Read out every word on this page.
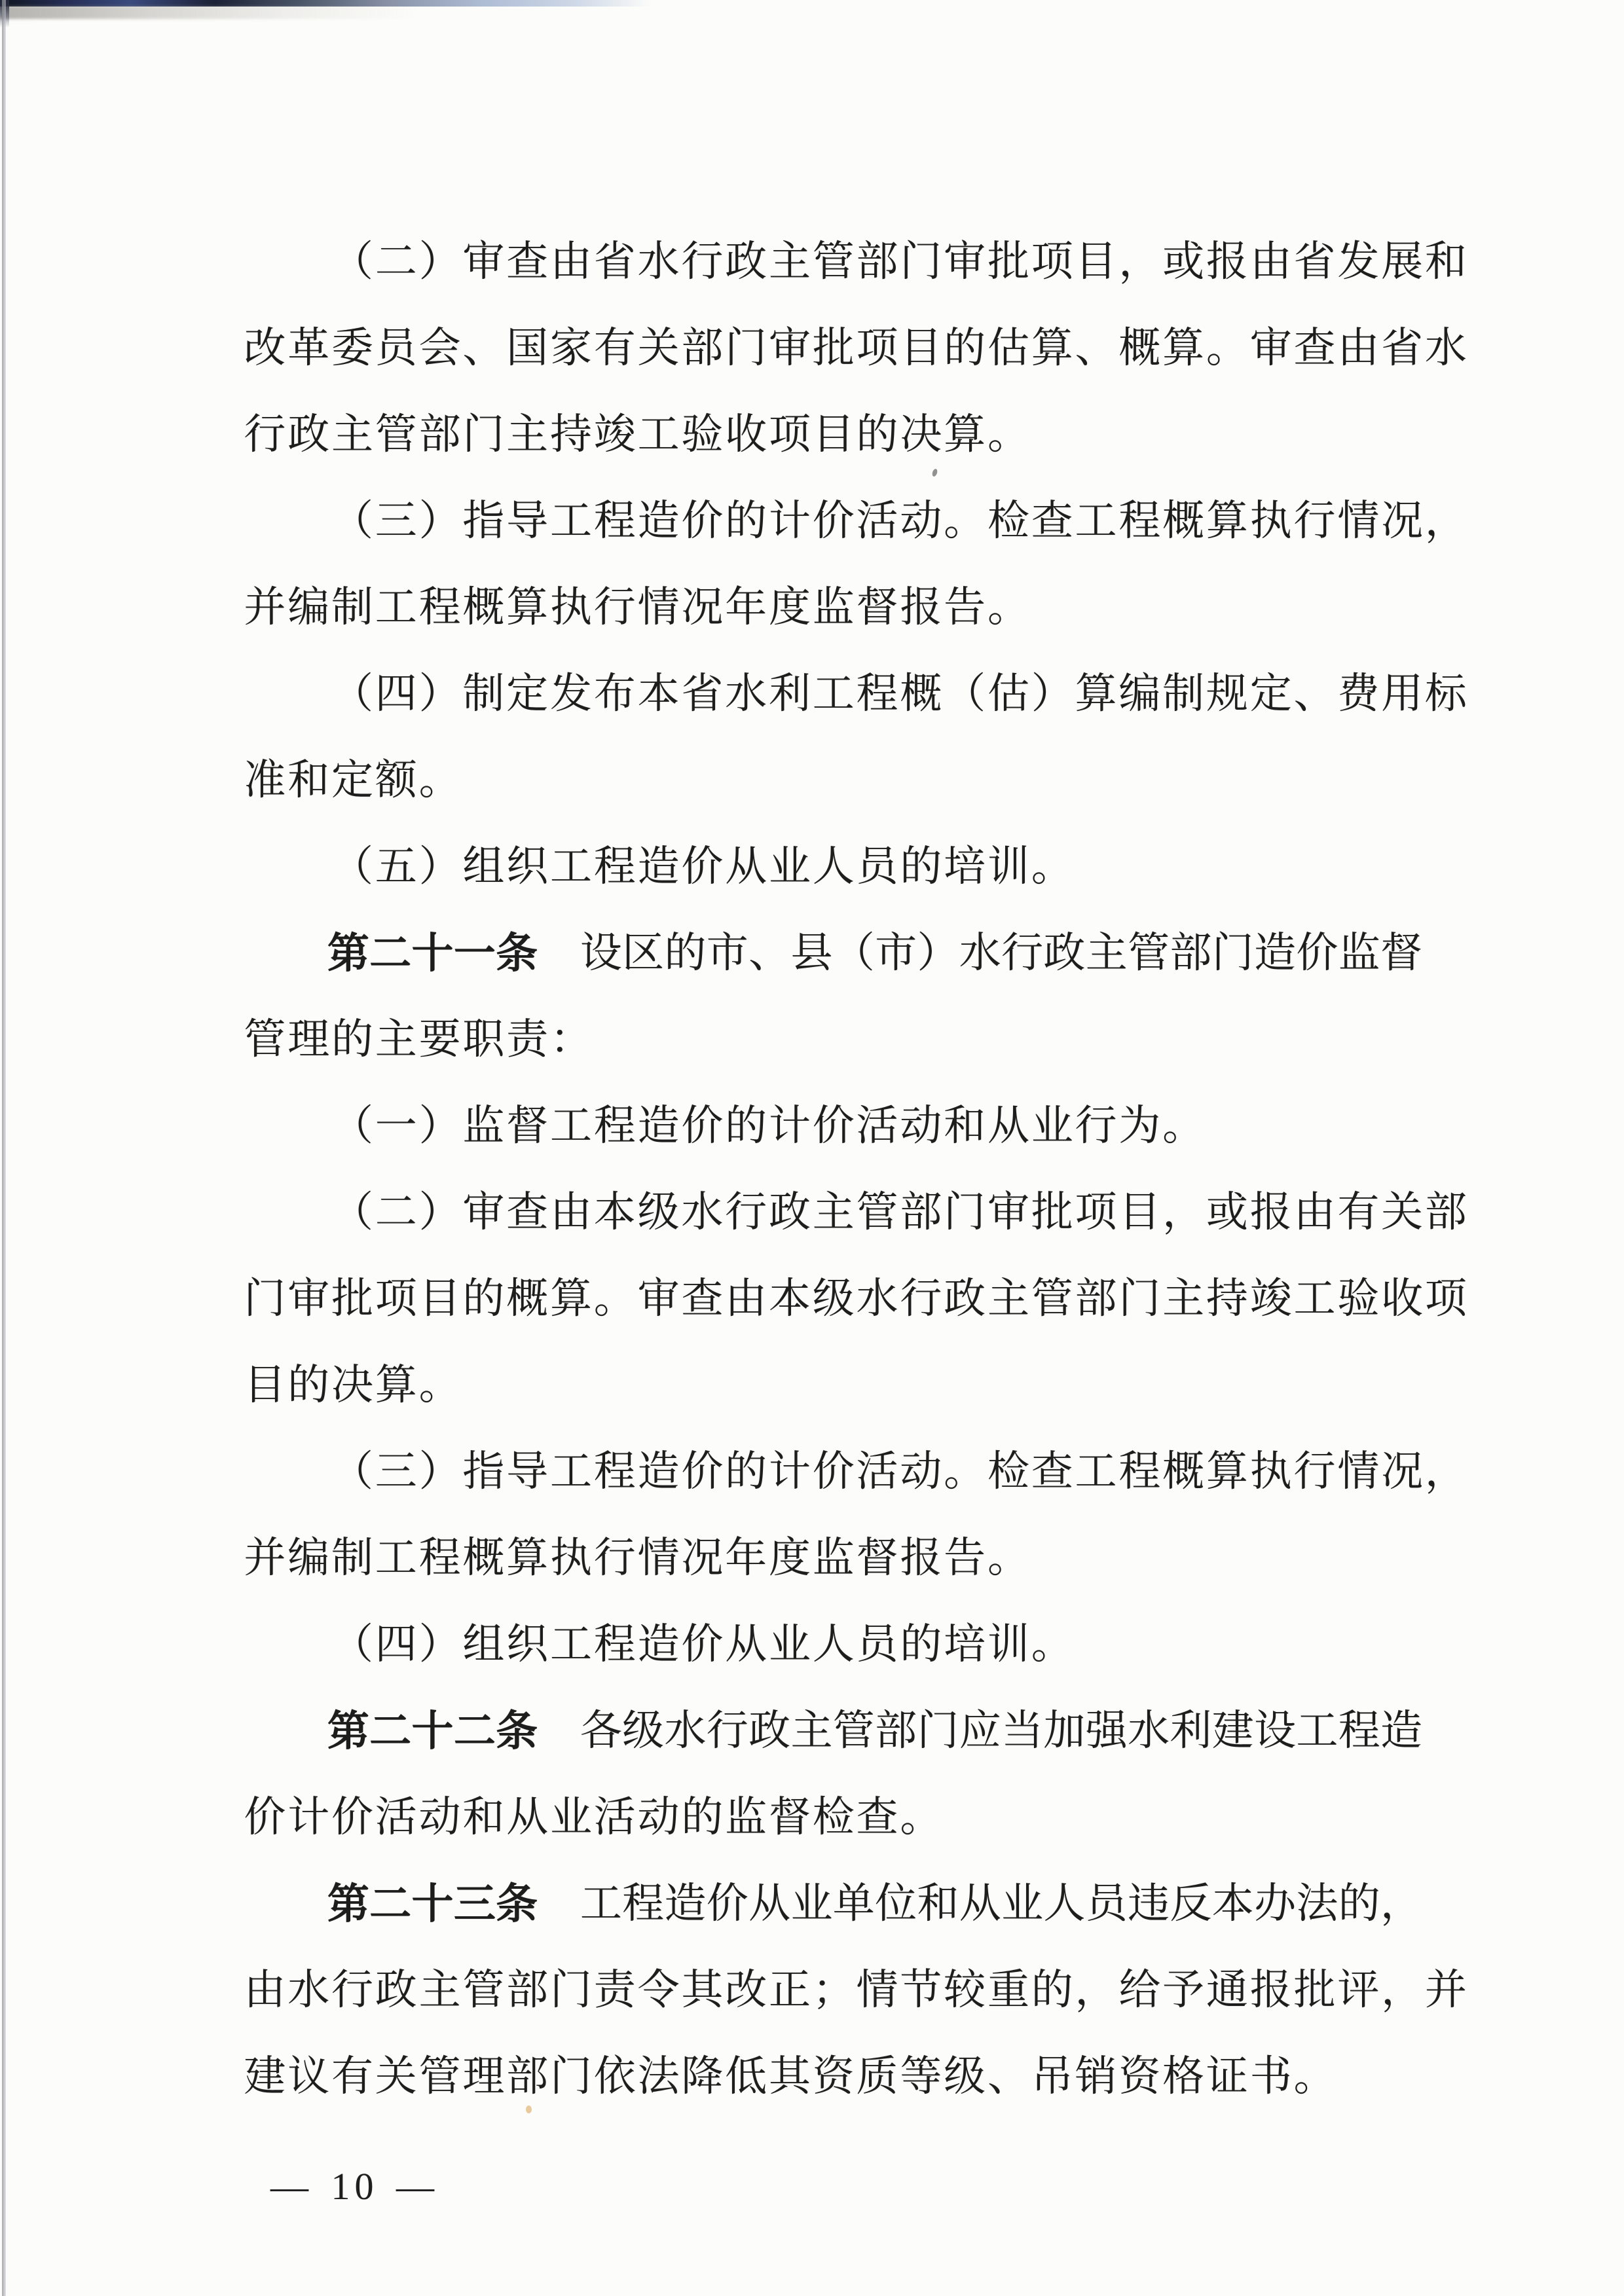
（二）审查由省水行政主管部门审批项目，或报由省发展和
改革委员会、国家有关部门审批项目的估算、概算。审查由省水
行政主管部门主持竣工验收项目的决算。
（三）指导工程造价的计价活动。检查工程概算执行情况，
并编制工程概算执行情况年度监督报告。
（四）制定发布本省水利工程概（估）算编制规定、费用标
准和定额。
（五）组织工程造价从业人员的培训。
第二十一条 设区的市、县（市）水行政主管部门造价监督
管理的主要职责：
（一）监督工程造价的计价活动和从业行为。
（二）审查由本级水行政主管部门审批项目，或报由有关部
门审批项目的概算。审查由本级水行政主管部门主持竣工验收项
目的决算。
（三）指导工程造价的计价活动。检查工程概算执行情况，
并编制工程概算执行情况年度监督报告。
（四）组织工程造价从业人员的培训。
第二十二条 各级水行政主管部门应当加强水利建设工程造
价计价活动和从业活动的监督检查。
第二十三条 工程造价从业单位和从业人员违反本办法的，
由水行政主管部门责令其改正；情节较重的，给予通报批评，并
建议有关管理部门依法降低其资质等级、吊销资格证书。
— 10 —
